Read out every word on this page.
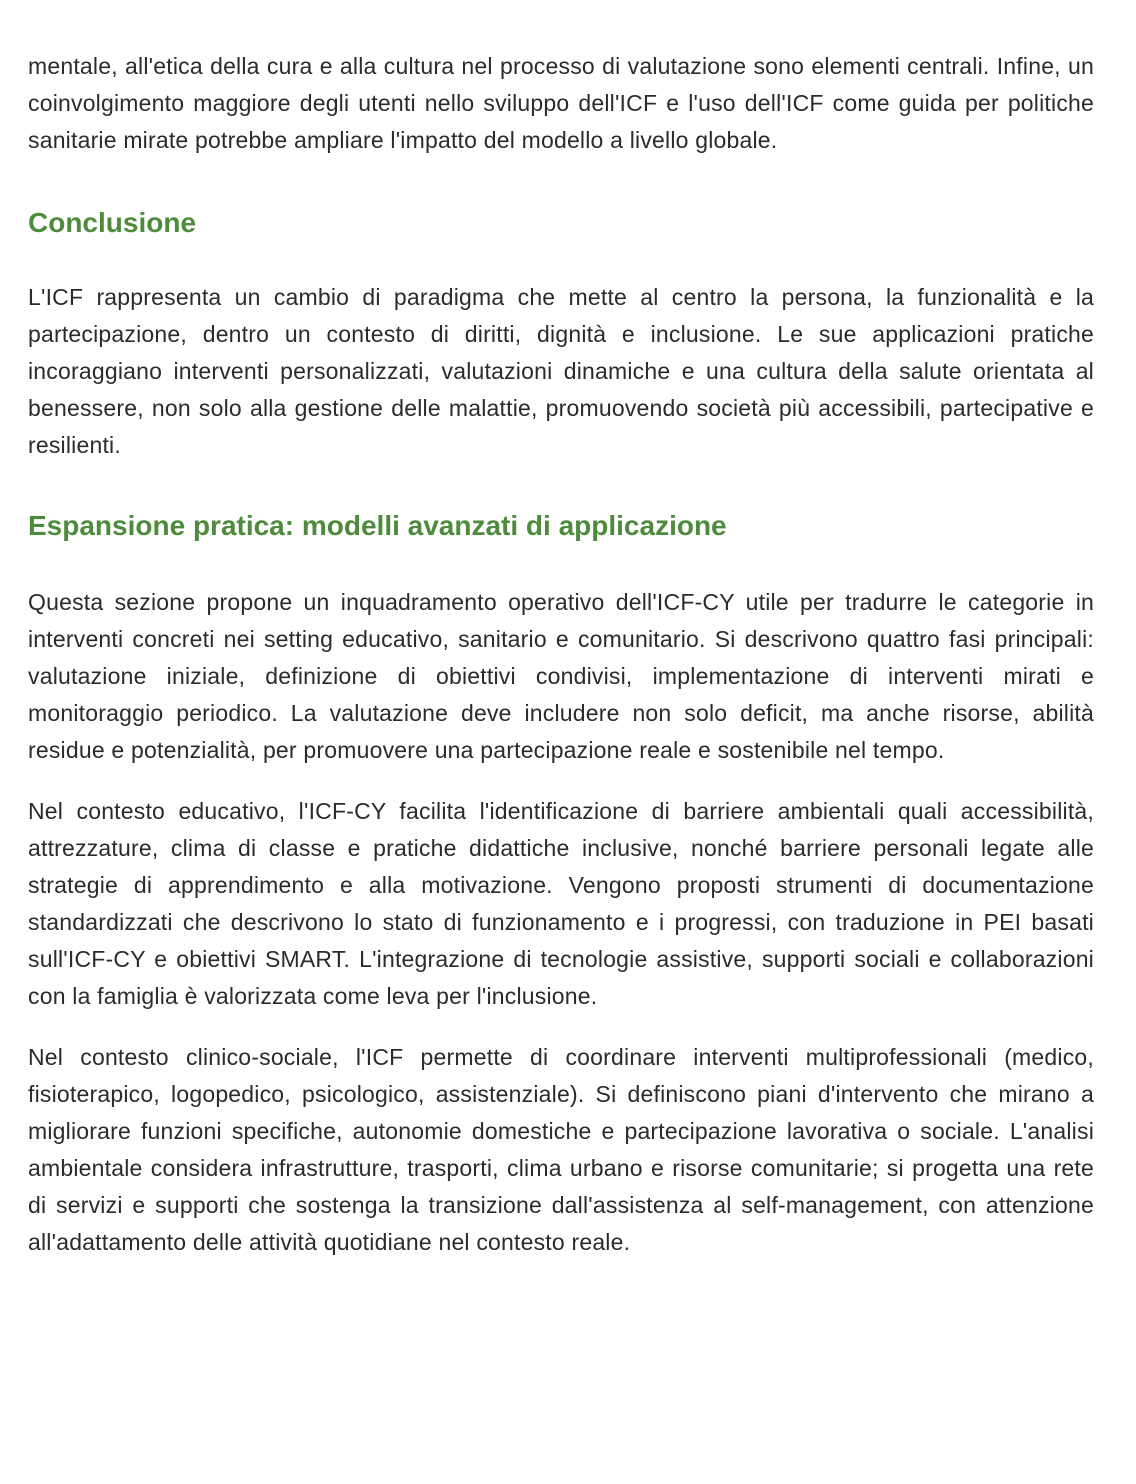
mentale, all'etica della cura e alla cultura nel processo di valutazione sono elementi centrali. Infine, un coinvolgimento maggiore degli utenti nello sviluppo dell'ICF e l'uso dell'ICF come guida per politiche sanitarie mirate potrebbe ampliare l'impatto del modello a livello globale.

Conclusione

L'ICF rappresenta un cambio di paradigma che mette al centro la persona, la funzionalità e la partecipazione, dentro un contesto di diritti, dignità e inclusione. Le sue applicazioni pratiche incoraggiano interventi personalizzati, valutazioni dinamiche e una cultura della salute orientata al benessere, non solo alla gestione delle malattie, promuovendo società più accessibili, partecipative e resilienti.

Espansione pratica: modelli avanzati di applicazione

Questa sezione propone un inquadramento operativo dell'ICF-CY utile per tradurre le categorie in interventi concreti nei setting educativo, sanitario e comunitario. Si descrivono quattro fasi principali: valutazione iniziale, definizione di obiettivi condivisi, implementazione di interventi mirati e monitoraggio periodico. La valutazione deve includere non solo deficit, ma anche risorse, abilità residue e potenzialità, per promuovere una partecipazione reale e sostenibile nel tempo.

Nel contesto educativo, l'ICF-CY facilita l'identificazione di barriere ambientali quali accessibilità, attrezzature, clima di classe e pratiche didattiche inclusive, nonché barriere personali legate alle strategie di apprendimento e alla motivazione. Vengono proposti strumenti di documentazione standardizzati che descrivono lo stato di funzionamento e i progressi, con traduzione in PEI basati sull'ICF-CY e obiettivi SMART. L'integrazione di tecnologie assistive, supporti sociali e collaborazioni con la famiglia è valorizzata come leva per l'inclusione.

Nel contesto clinico-sociale, l'ICF permette di coordinare interventi multiprofessionali (medico, fisioterapico, logopedico, psicologico, assistenziale). Si definiscono piani d'intervento che mirano a migliorare funzioni specifiche, autonomie domestiche e partecipazione lavorativa o sociale. L'analisi ambientale considera infrastrutture, trasporti, clima urbano e risorse comunitarie; si progetta una rete di servizi e supporti che sostenga la transizione dall'assistenza al self-management, con attenzione all'adattamento delle attività quotidiane nel contesto reale.
